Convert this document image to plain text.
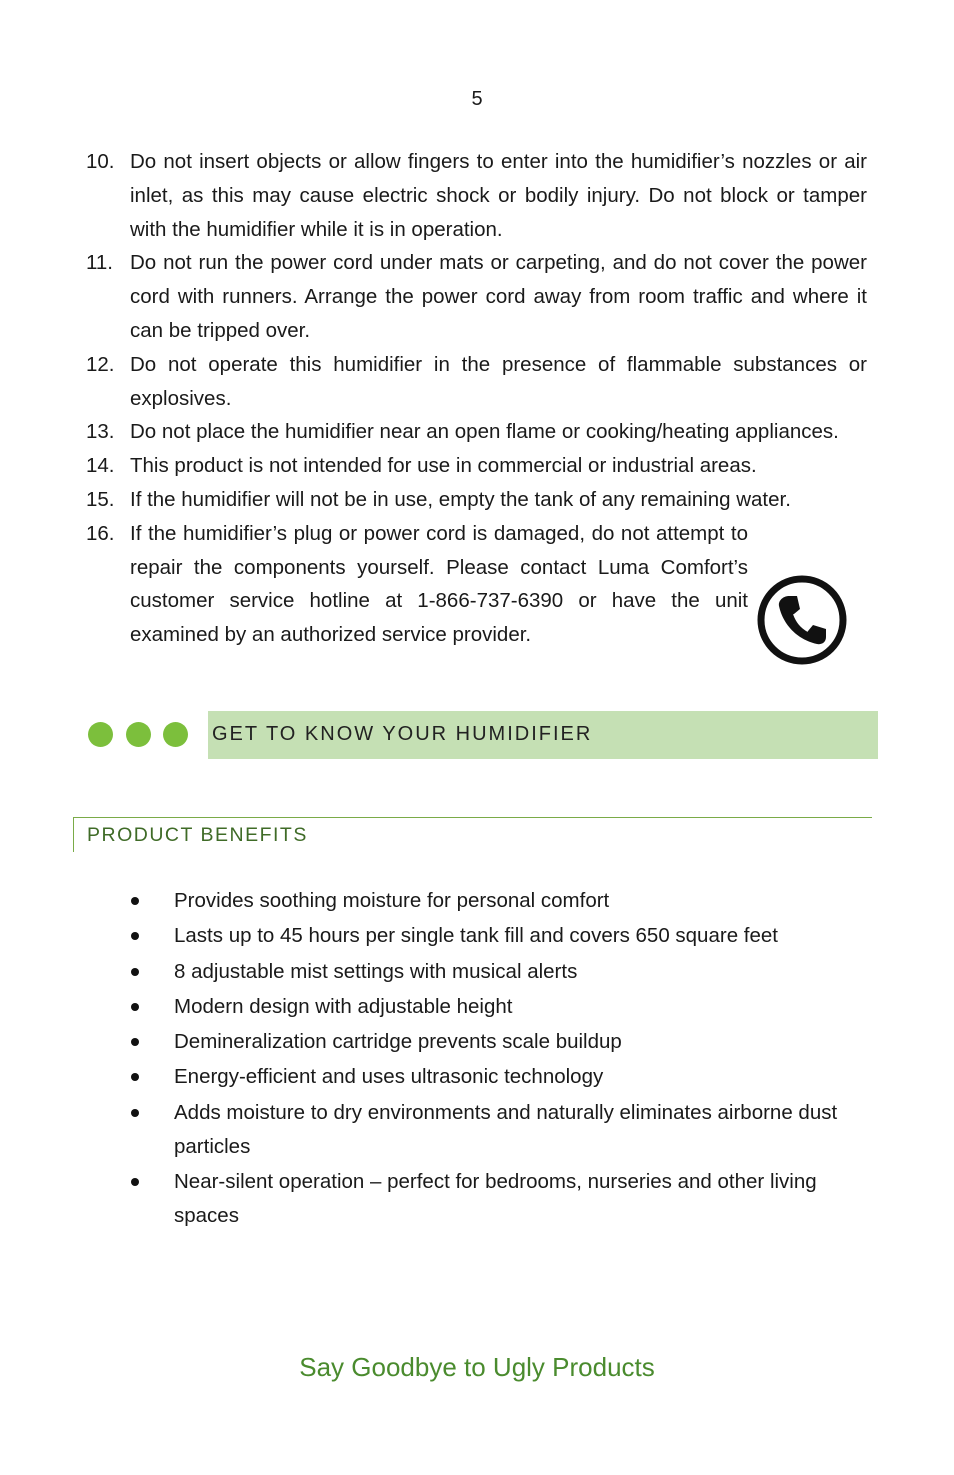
5
10. Do not insert objects or allow fingers to enter into the humidifier’s nozzles or air inlet, as this may cause electric shock or bodily injury. Do not block or tamper with the humidifier while it is in operation.
11. Do not run the power cord under mats or carpeting, and do not cover the power cord with runners. Arrange the power cord away from room traffic and where it can be tripped over.
12. Do not operate this humidifier in the presence of flammable substances or explosives.
13. Do not place the humidifier near an open flame or cooking/heating appliances.
14. This product is not intended for use in commercial or industrial areas.
15. If the humidifier will not be in use, empty the tank of any remaining water.
16. If the humidifier’s plug or power cord is damaged, do not attempt to repair the components yourself. Please contact Luma Comfort’s customer service hotline at 1-866-737-6390 or have the unit examined by an authorized service provider.
GET TO KNOW YOUR HUMIDIFIER
PRODUCT BENEFITS
Provides soothing moisture for personal comfort
Lasts up to 45 hours per single tank fill and covers 650 square feet
8 adjustable mist settings with musical alerts
Modern design with adjustable height
Demineralization cartridge prevents scale buildup
Energy-efficient and uses ultrasonic technology
Adds moisture to dry environments and naturally eliminates airborne dust particles
Near-silent operation – perfect for bedrooms, nurseries and other living spaces
Say Goodbye to Ugly Products
